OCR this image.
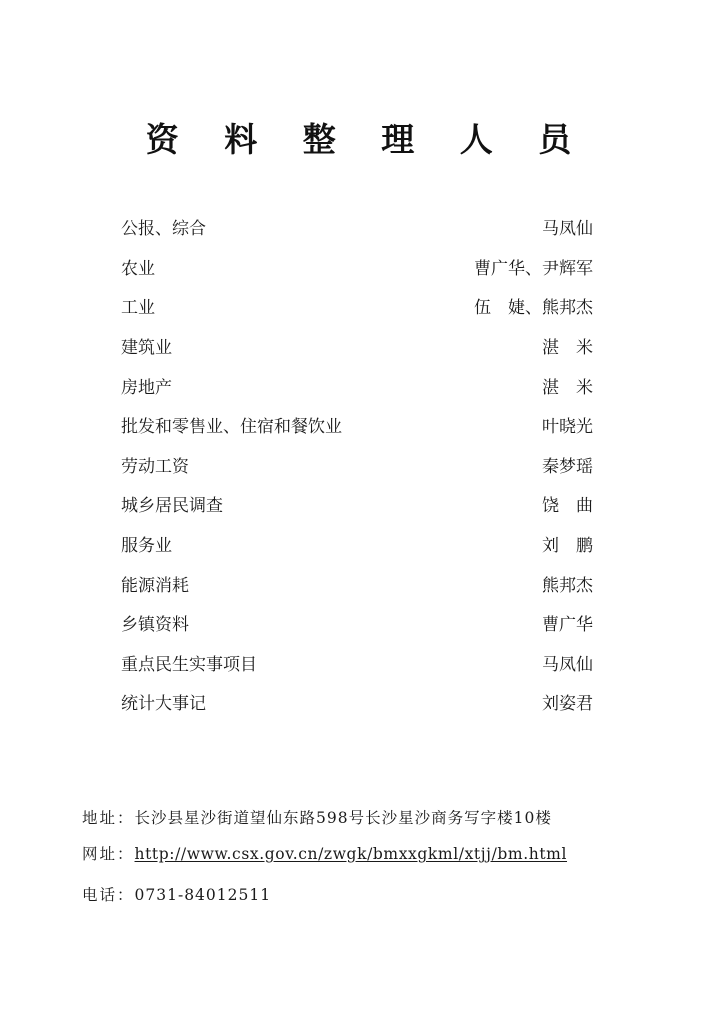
资 料 整 理 人 员
公报、综合	马凤仙
农业	曹广华、尹辉军
工业	伍　婕、熊邦杰
建筑业	湛　米
房地产	湛　米
批发和零售业、住宿和餐饮业	叶晓光
劳动工资	秦梦瑶
城乡居民调查	饶　曲
服务业	刘　鹏
能源消耗	熊邦杰
乡镇资料	曹广华
重点民生实事项目	马凤仙
统计大事记	刘姿君
地址：长沙县星沙街道望仙东路598号长沙星沙商务写字楼10楼
网址：http://www.csx.gov.cn/zwgk/bmxxgkml/xtjj/bm.html
电话：0731-84012511
